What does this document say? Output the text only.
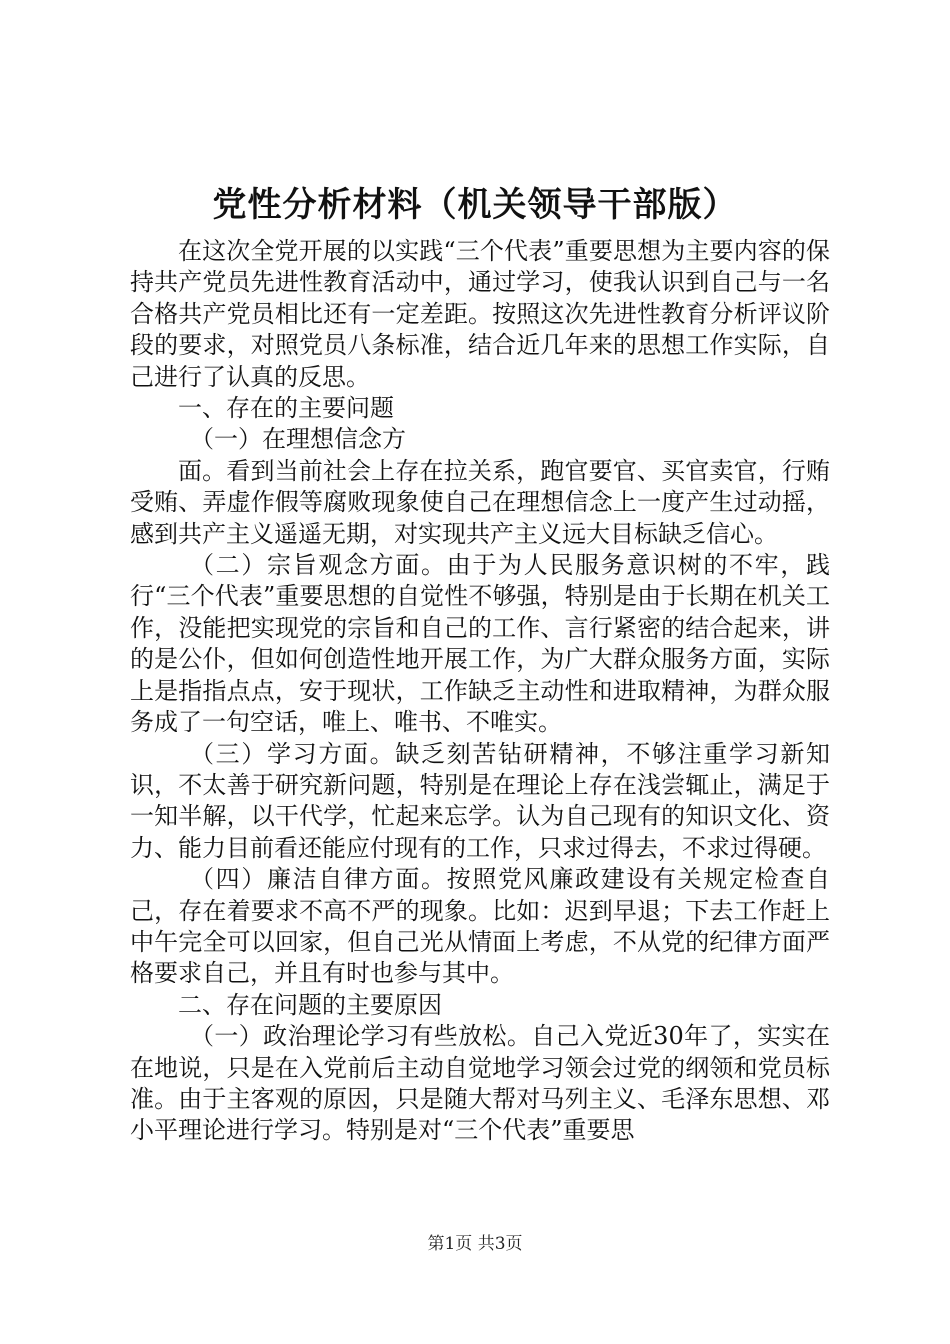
党性分析材料（机关领导干部版）

在这次全党开展的以实践“三个代表”重要思想为主要内容的保持共产党员先进性教育活动中，通过学习，使我认识到自己与一名合格共产党员相比还有一定差距。按照这次先进性教育分析评议阶段的要求，对照党员八条标准，结合近几年来的思想工作实际，自己进行了认真的反思。

一、存在的主要问题

（一）在理想信念方

面。看到当前社会上存在拉关系，跑官要官、买官卖官，行贿受贿、弄虚作假等腐败现象使自己在理想信念上一度产生过动摇，感到共产主义遥遥无期，对实现共产主义远大目标缺乏信心。

（二）宗旨观念方面。由于为人民服务意识树的不牢，践行“三个代表”重要思想的自觉性不够强，特别是由于长期在机关工作，没能把实现党的宗旨和自己的工作、言行紧密的结合起来，讲的是公仆，但如何创造性地开展工作，为广大群众服务方面，实际上是指指点点，安于现状，工作缺乏主动性和进取精神，为群众服务成了一句空话，唯上、唯书、不唯实。

（三）学习方面。缺乏刻苦钻研精神，不够注重学习新知识，不太善于研究新问题，特别是在理论上存在浅尝辄止，满足于一知半解，以干代学，忙起来忘学。认为自己现有的知识文化、资力、能力目前看还能应付现有的工作，只求过得去，不求过得硬。

（四）廉洁自律方面。按照党风廉政建设有关规定检查自己，存在着要求不高不严的现象。比如：迟到早退；下去工作赶上中午完全可以回家，但自己光从情面上考虑，不从党的纪律方面严格要求自己，并且有时也参与其中。

二、存在问题的主要原因

（一）政治理论学习有些放松。自己入党近30年了，实实在在地说，只是在入党前后主动自觉地学习领会过党的纲领和党员标准。由于主客观的原因，只是随大帮对马列主义、毛泽东思想、邓小平理论进行学习。特别是对“三个代表”重要思

第1页 共3页
